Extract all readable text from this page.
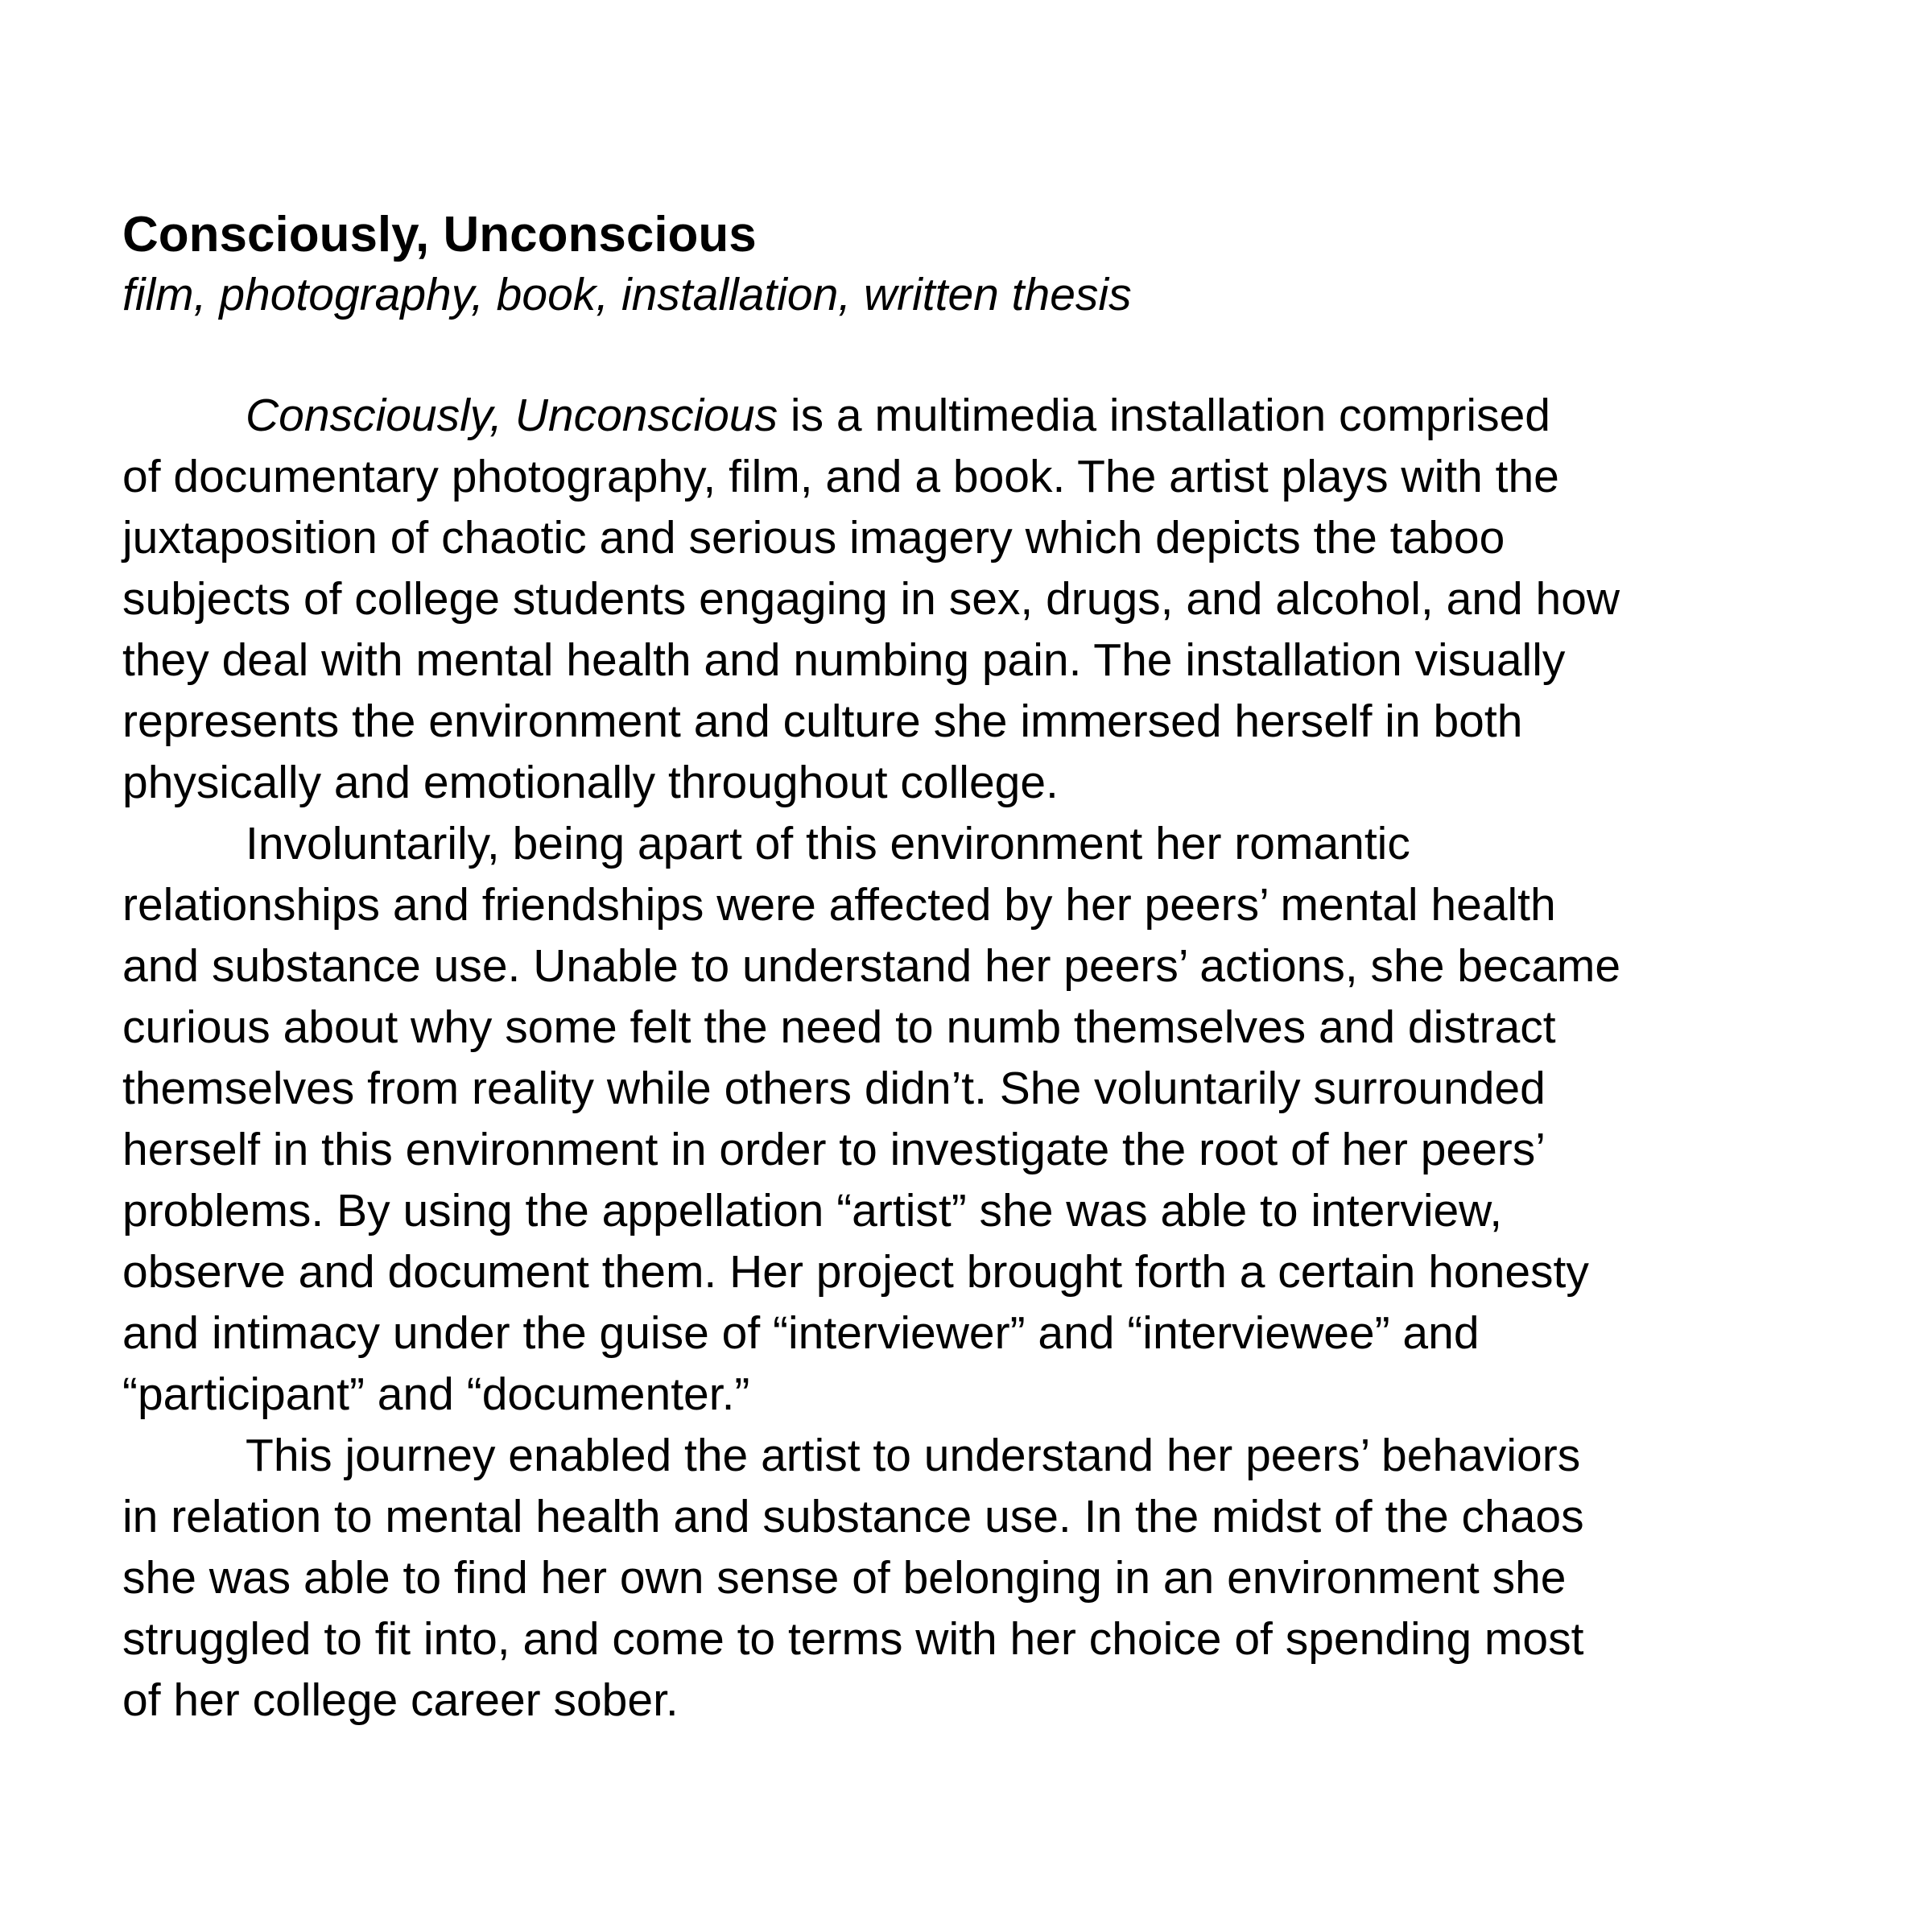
Consciously, Unconscious

film, photography, book, installation, written thesis

Consciously, Unconscious is a multimedia installation comprised
of documentary photography, film, and a book. The artist plays with the
juxtaposition of chaotic and serious imagery which depicts the taboo
subjects of college students engaging in sex, drugs, and alcohol, and how
they deal with mental health and numbing pain. The installation visually
represents the environment and culture she immersed herself in both
physically and emotionally throughout college.
Involuntarily, being apart of this environment her romantic
relationships and friendships were affected by her peers’ mental health
and substance use. Unable to understand her peers’ actions, she became
curious about why some felt the need to numb themselves and distract
themselves from reality while others didn’t. She voluntarily surrounded
herself in this environment in order to investigate the root of her peers’
problems. By using the appellation “artist” she was able to interview,
observe and document them. Her project brought forth a certain honesty
and intimacy under the guise of “interviewer” and “interviewee” and
“participant” and “documenter.”
This journey enabled the artist to understand her peers’ behaviors
in relation to mental health and substance use. In the midst of the chaos
she was able to find her own sense of belonging in an environment she
struggled to fit into, and come to terms with her choice of spending most
of her college career sober.
